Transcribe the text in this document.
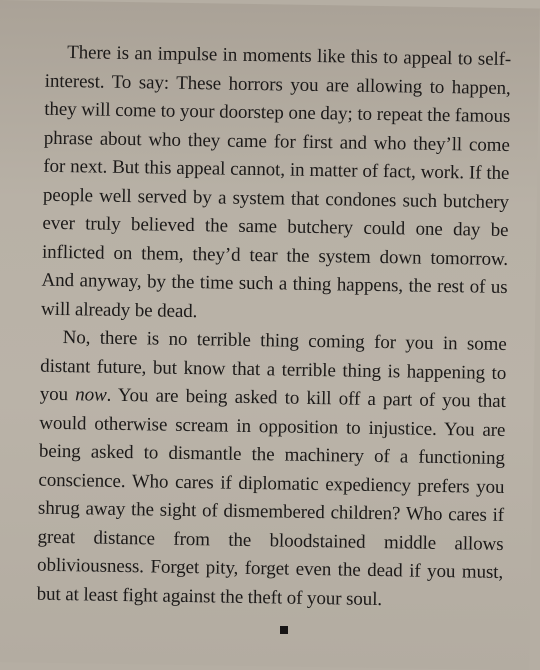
There is an impulse in moments like this to appeal to self-interest. To say: These horrors you are allowing to happen, they will come to your doorstep one day; to repeat the famous phrase about who they came for first and who they’ll come for next. But this appeal cannot, in matter of fact, work. If the people well served by a system that condones such butchery ever truly believed the same butchery could one day be inflicted on them, they’d tear the system down tomorrow. And anyway, by the time such a thing happens, the rest of us will already be dead.

No, there is no terrible thing coming for you in some distant future, but know that a terrible thing is happening to you now. You are being asked to kill off a part of you that would otherwise scream in opposition to injustice. You are being asked to dismantle the machinery of a functioning conscience. Who cares if diplomatic expediency prefers you shrug away the sight of dismembered children? Who cares if great distance from the bloodstained middle allows obliviousness. Forget pity, forget even the dead if you must, but at least fight against the theft of your soul.
